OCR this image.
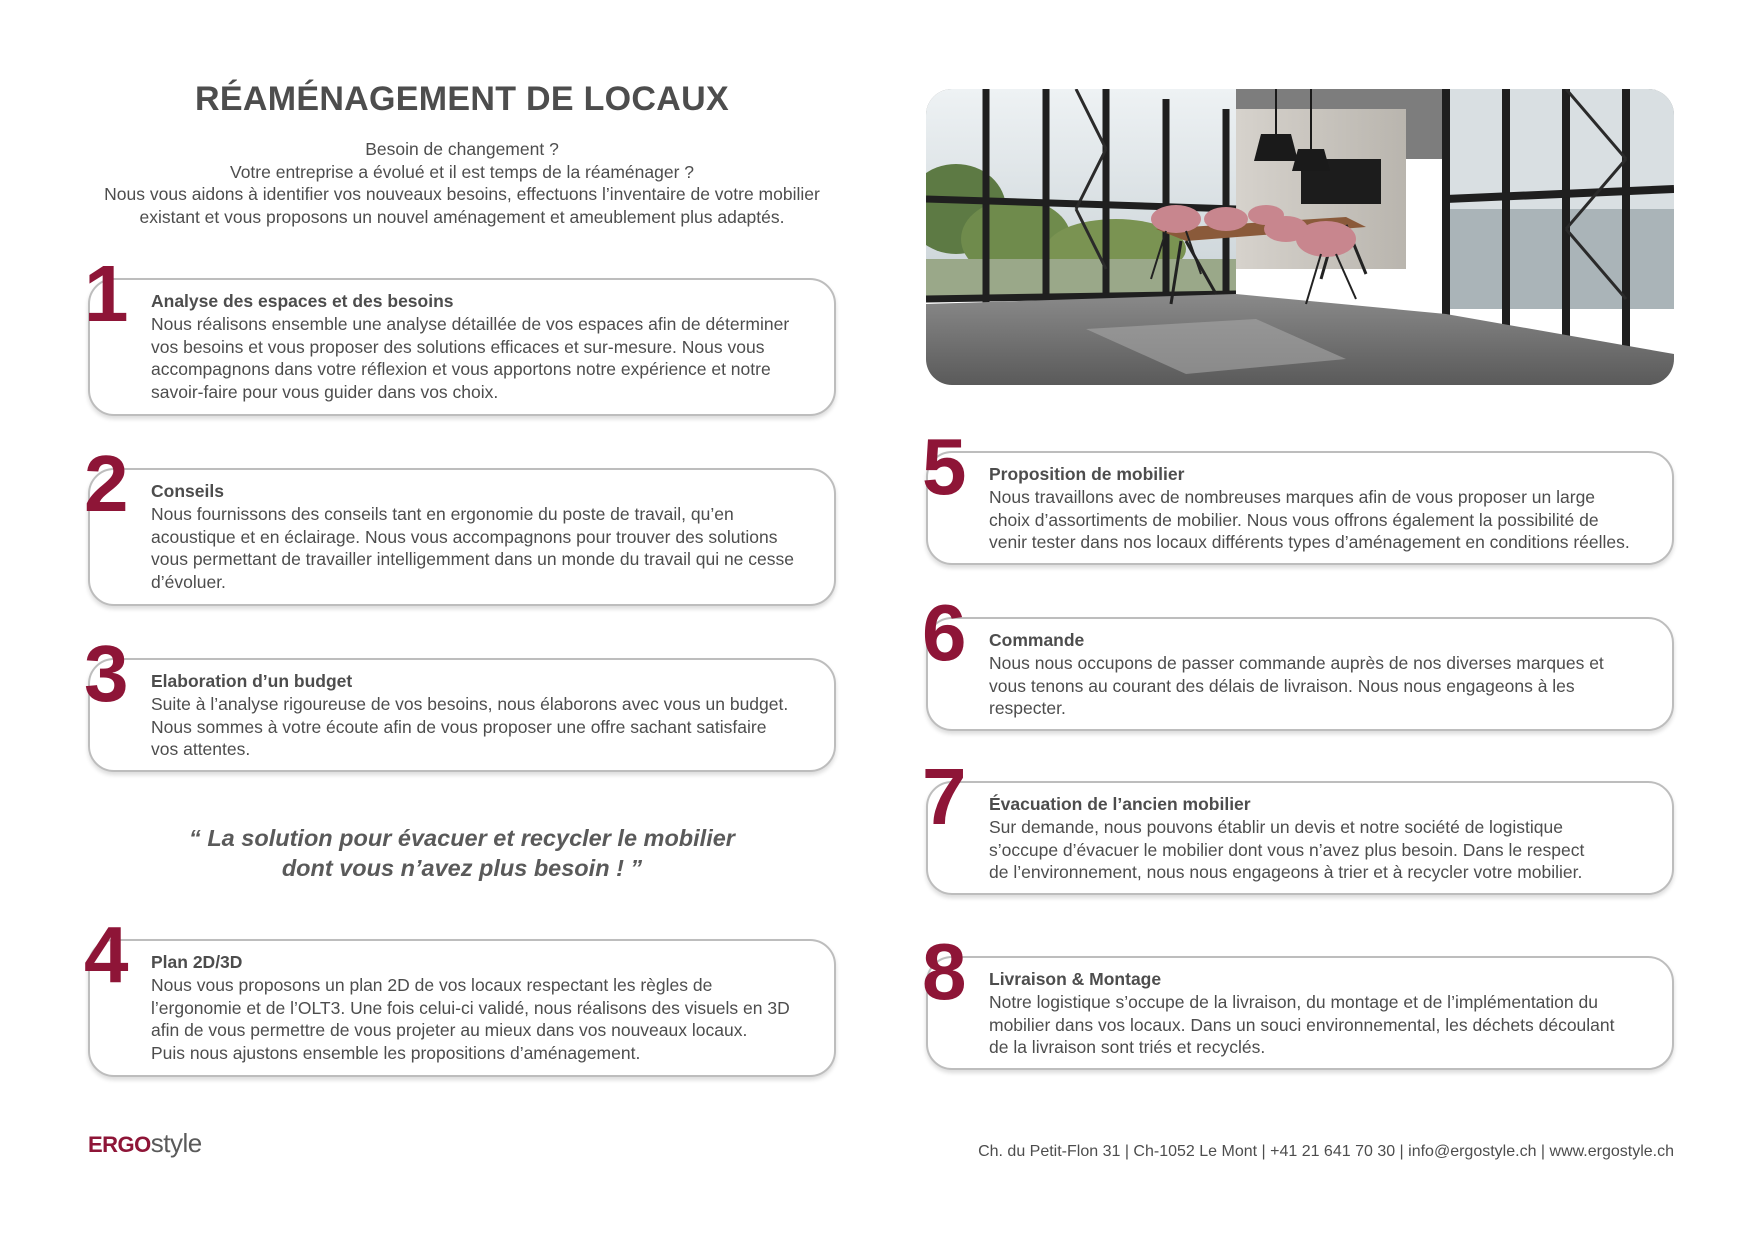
RÉAMÉNAGEMENT DE LOCAUX
Besoin de changement ?
Votre entreprise a évolué et il est temps de la réaménager ?
Nous vous aidons à identifier vos nouveaux besoins, effectuons l’inventaire de votre mobilier
existant et vous proposons un nouvel aménagement et ameublement plus adaptés.
1 Analyse des espaces et des besoins
Nous réalisons ensemble une analyse détaillée de vos espaces afin de déterminer
vos besoins et vous proposer des solutions efficaces et sur-mesure. Nous vous
accompagnons dans votre réflexion et vous apportons notre expérience et notre
savoir-faire pour vous guider dans vos choix.
2 Conseils
Nous fournissons des conseils tant en ergonomie du poste de travail, qu’en
acoustique et en éclairage. Nous vous accompagnons pour trouver des solutions
vous permettant de travailler intelligemment dans un monde du travail qui ne cesse
d’évoluer.
3 Elaboration d’un budget
Suite à l’analyse rigoureuse de vos besoins, nous élaborons avec vous un budget.
Nous sommes à votre écoute afin de vous proposer une offre sachant satisfaire
vos attentes.
“ La solution pour évacuer et recycler le mobilier
dont vous n’avez plus besoin ! ”
4 Plan 2D/3D
Nous vous proposons un plan 2D de vos locaux respectant les règles de
l’ergonomie et de l’OLT3. Une fois celui-ci validé, nous réalisons des visuels en 3D
afin de vous permettre de vous projeter au mieux dans vos nouveaux locaux.
Puis nous ajustons ensemble les propositions d’aménagement.
5 Proposition de mobilier
Nous travaillons avec de nombreuses marques afin de vous proposer un large
choix d’assortiments de mobilier. Nous vous offrons également la possibilité de
venir tester dans nos locaux différents types d’aménagement en conditions réelles.
6 Commande
Nous nous occupons de passer commande auprès de nos diverses marques et
vous tenons au courant des délais de livraison. Nous nous engageons à les
respecter.
7 Évacuation de l’ancien mobilier
Sur demande, nous pouvons établir un devis et notre société de logistique
s’occupe d’évacuer le mobilier dont vous n’avez plus besoin. Dans le respect
de l’environnement, nous nous engageons à trier et à recycler votre mobilier.
8 Livraison & Montage
Notre logistique s’occupe de la livraison, du montage et de l’implémentation du
mobilier dans vos locaux. Dans un souci environnemental, les déchets découlant
de la livraison sont triés et recyclés.
ERGOstyle	Ch. du Petit-Flon 31 | Ch-1052 Le Mont | +41 21 641 70 30 | info@ergostyle.ch | www.ergostyle.ch
